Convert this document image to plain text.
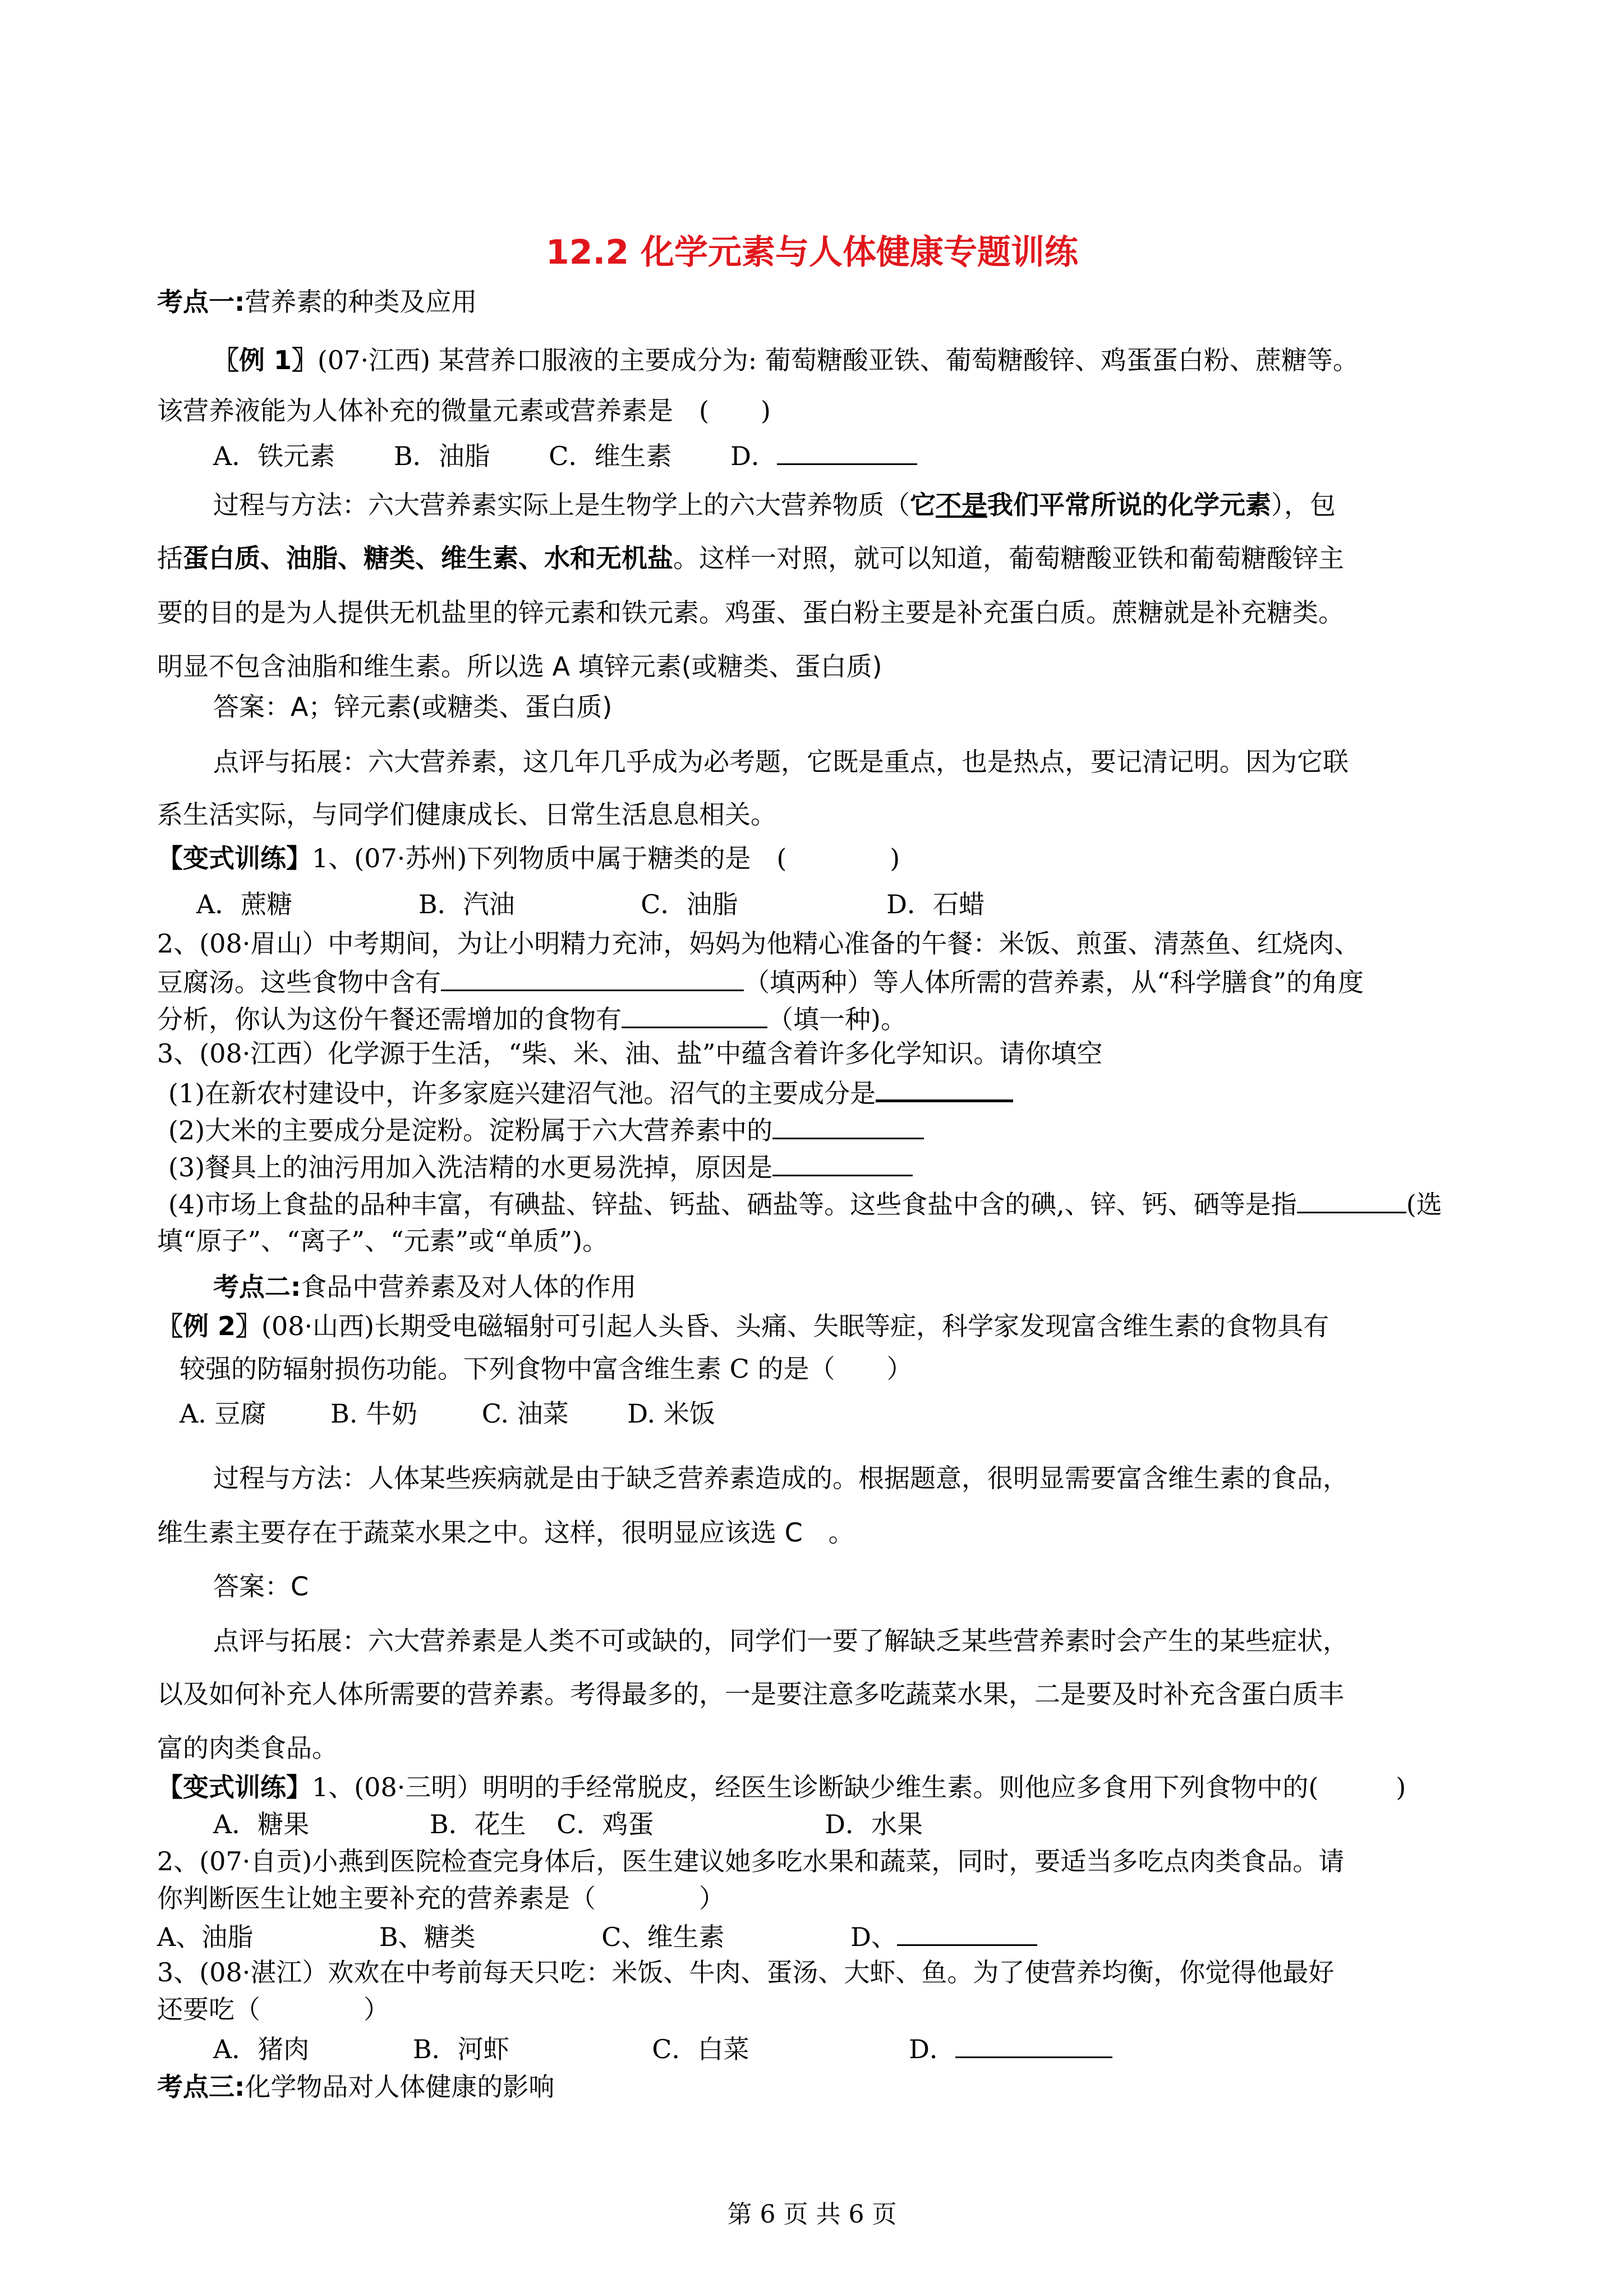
12.2 化学元素与人体健康专题训练
考点一:营养素的种类及应用
〖例 1〗(07·江西) 某营养口服液的主要成分为: 葡萄糖酸亚铁、葡萄糖酸锌、鸡蛋蛋白粉、蔗糖等。
该营养液能为人体补充的微量元素或营养素是　(　　)
A．铁元素 B．油脂 C．维生素 D．
过程与方法：六大营养素实际上是生物学上的六大营养物质（它不是我们平常所说的化学元素），包
括蛋白质、油脂、糖类、维生素、水和无机盐。这样一对照，就可以知道，葡萄糖酸亚铁和葡萄糖酸锌主
要的目的是为人提供无机盐里的锌元素和铁元素。鸡蛋、蛋白粉主要是补充蛋白质。蔗糖就是补充糖类。
明显不包含油脂和维生素。所以选 A 填锌元素(或糖类、蛋白质)
答案：A；锌元素(或糖类、蛋白质)
点评与拓展：六大营养素，这几年几乎成为必考题，它既是重点，也是热点，要记清记明。因为它联
系生活实际，与同学们健康成长、日常生活息息相关。
【变式训练】1、(07·苏州)下列物质中属于糖类的是　(　　　　)
A．蔗糖	B．汽油	C．油脂	D．石蜡
2、(08·眉山）中考期间，为让小明精力充沛，妈妈为他精心准备的午餐：米饭、煎蛋、清蒸鱼、红烧肉、
豆腐汤。这些食物中含有	（填两种）等人体所需的营养素，从“科学膳食”的角度
分析，你认为这份午餐还需增加的食物有	（填一种)。
3、(08·江西）化学源于生活，“柴、米、油、盐”中蕴含着许多化学知识。请你填空
(1)在新农村建设中，许多家庭兴建沼气池。沼气的主要成分是
(2)大米的主要成分是淀粉。淀粉属于六大营养素中的
(3)餐具上的油污用加入洗洁精的水更易洗掉，原因是
(4)市场上食盐的品种丰富，有碘盐、锌盐、钙盐、硒盐等。这些食盐中含的碘,、锌、钙、硒等是指	(选
填“原子”、“离子”、“元素”或“单质”)。
考点二:食品中营养素及对人体的作用
〖例 2〗(08·山西)长期受电磁辐射可引起人头昏、头痛、失眠等症，科学家发现富含维生素的食物具有
较强的防辐射损伤功能。下列食物中富含维生素 C 的是（　　）
A. 豆腐 B. 牛奶 C. 油菜 D. 米饭
过程与方法：人体某些疾病就是由于缺乏营养素造成的。根据题意，很明显需要富含维生素的食品，
维生素主要存在于蔬菜水果之中。这样，很明显应该选 C　。
答案：C
点评与拓展：六大营养素是人类不可或缺的，同学们一要了解缺乏某些营养素时会产生的某些症状，
以及如何补充人体所需要的营养素。考得最多的，一是要注意多吃蔬菜水果，二是要及时补充含蛋白质丰
富的肉类食品。
【变式训练】1、(08·三明）明明的手经常脱皮，经医生诊断缺少维生素。则他应多食用下列食物中的(　　　)
A．糖果	B．花生 C．鸡蛋	D．水果
2、(07·自贡)小燕到医院检查完身体后，医生建议她多吃水果和蔬菜，同时，要适当多吃点肉类食品。请
你判断医生让她主要补充的营养素是（　　　　）
A、油脂	B、糖类	C、维生素	D、
3、(08·湛江）欢欢在中考前每天只吃：米饭、牛肉、蛋汤、大虾、鱼。为了使营养均衡，你觉得他最好
还要吃（　　　　）
A．猪肉	B．河虾	C．白菜	D．
考点三:化学物品对人体健康的影响
第 6 页 共 6 页
